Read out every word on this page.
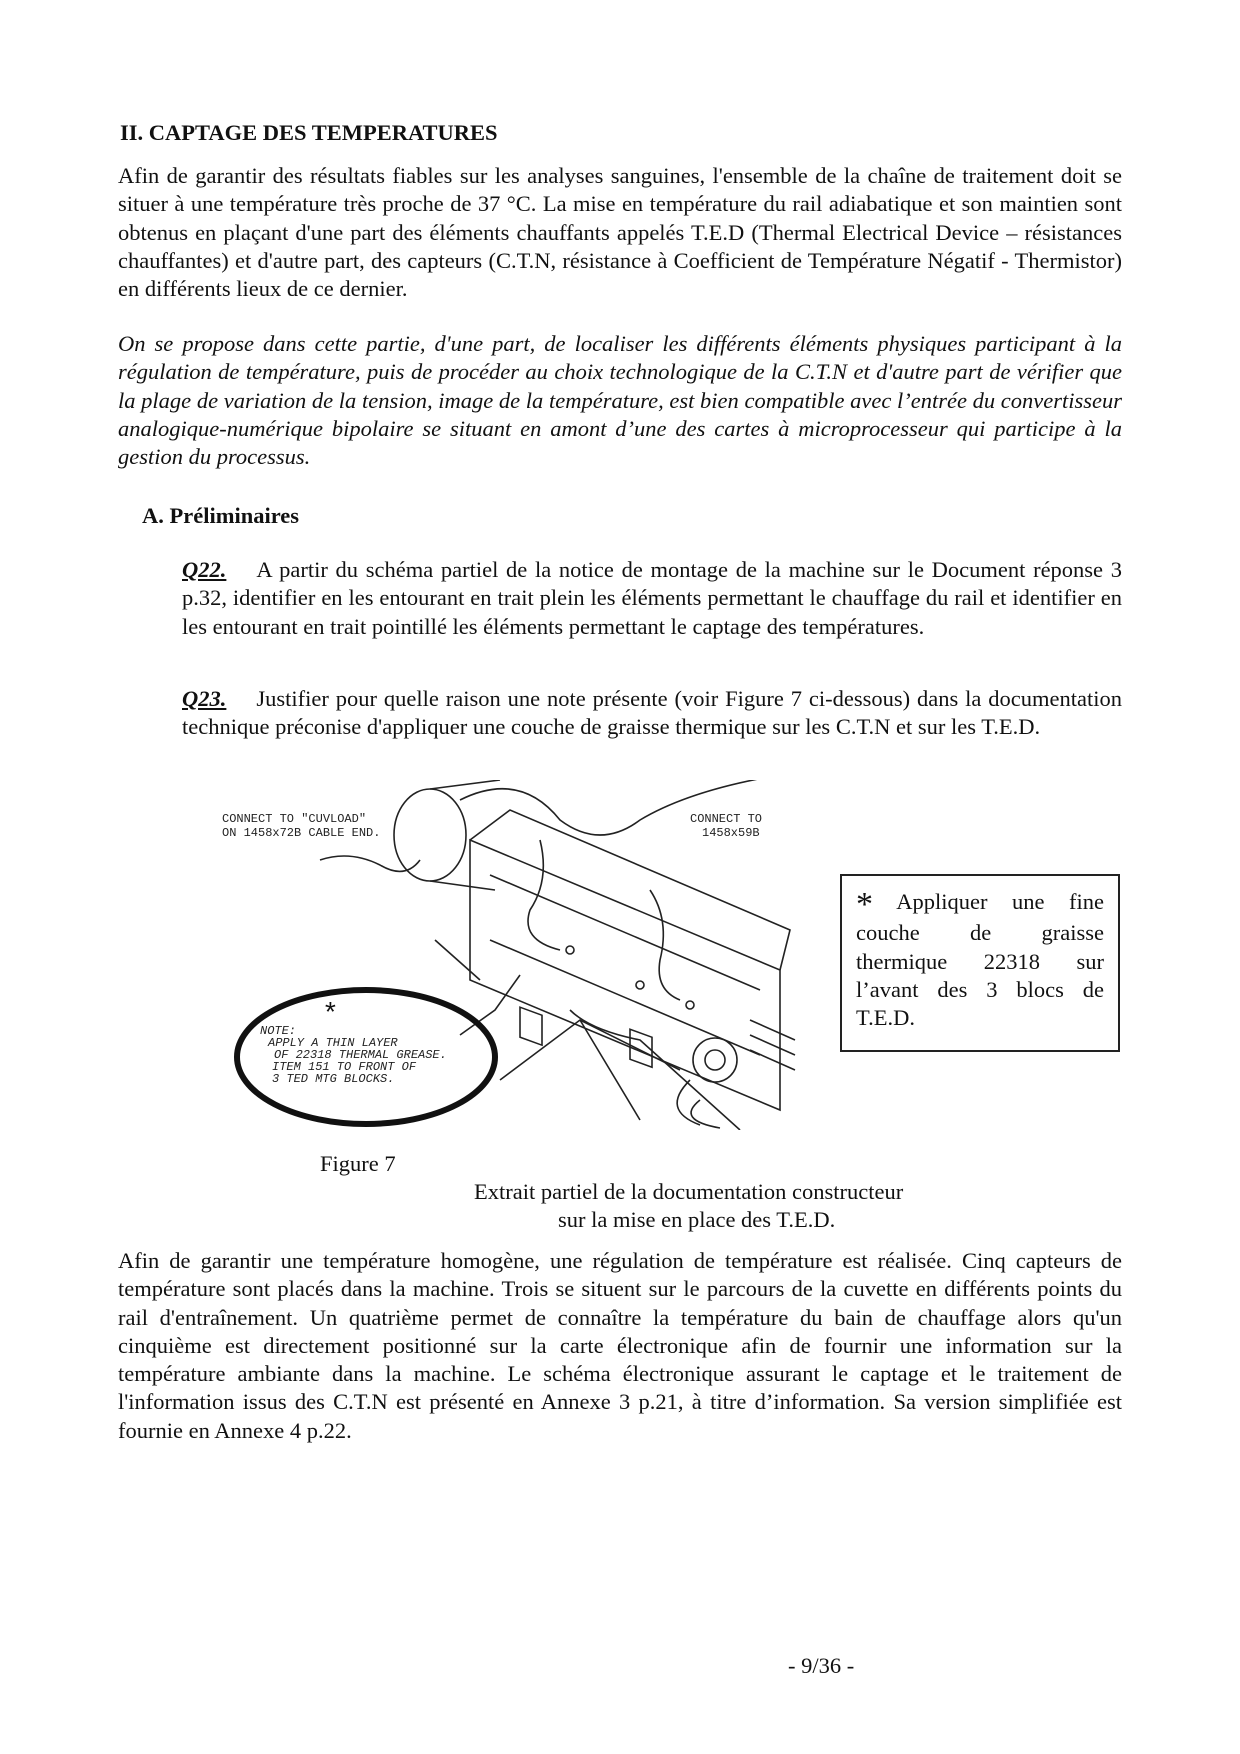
II. CAPTAGE DES TEMPERATURES

Afin de garantir des résultats fiables sur les analyses sanguines, l'ensemble de la chaîne de traitement doit se situer à une température très proche de 37 °C. La mise en température du rail adiabatique et son maintien sont obtenus en plaçant d'une part des éléments chauffants appelés T.E.D (Thermal Electrical Device – résistances chauffantes) et d'autre part, des capteurs (C.T.N, résistance à Coefficient de Température Négatif - Thermistor) en différents lieux de ce dernier.

On se propose dans cette partie, d'une part, de localiser les différents éléments physiques participant à la régulation de température, puis de procéder au choix technologique de la C.T.N et d'autre part de vérifier que la plage de variation de la tension, image de la température, est bien compatible avec l’entrée du convertisseur analogique-numérique bipolaire se situant en amont d’une des cartes à microprocesseur qui participe à la gestion du processus.

A. Préliminaires
Q22. A partir du schéma partiel de la notice de montage de la machine sur le Document réponse 3 p.32, identifier en les entourant en trait plein les éléments permettant le chauffage du rail et identifier en les entourant en trait pointillé les éléments permettant le captage des températures.
Q23. Justifier pour quelle raison une note présente (voir Figure 7 ci-dessous) dans la documentation technique préconise d'appliquer une couche de graisse thermique sur les C.T.N et sur les T.E.D.
CONNECT TO "CUVLOAD"
ON 1458x72B CABLE END.
CONNECT TO
1458x59B
*
NOTE:
APPLY A THIN LAYER
OF 22318 THERMAL GREASE.
ITEM 151 TO FRONT OF
3 TED MTG BLOCKS.
* Appliquer une fine couche de graisse thermique 22318 sur l’avant des 3 blocs de T.E.D.
Figure 7
Extrait partiel de la documentation constructeur
sur la mise en place des T.E.D.

Afin de garantir une température homogène, une régulation de température est réalisée. Cinq capteurs de température sont placés dans la machine. Trois se situent sur le parcours de la cuvette en différents points du rail d'entraînement. Un quatrième permet de connaître la température du bain de chauffage alors qu'un cinquième est directement positionné sur la carte électronique afin de fournir une information sur la température ambiante dans la machine. Le schéma électronique assurant le captage et le traitement de l'information issus des C.T.N est présenté en Annexe 3 p.21, à titre d’information. Sa version simplifiée est fournie en Annexe 4 p.22.

- 9/36 -
